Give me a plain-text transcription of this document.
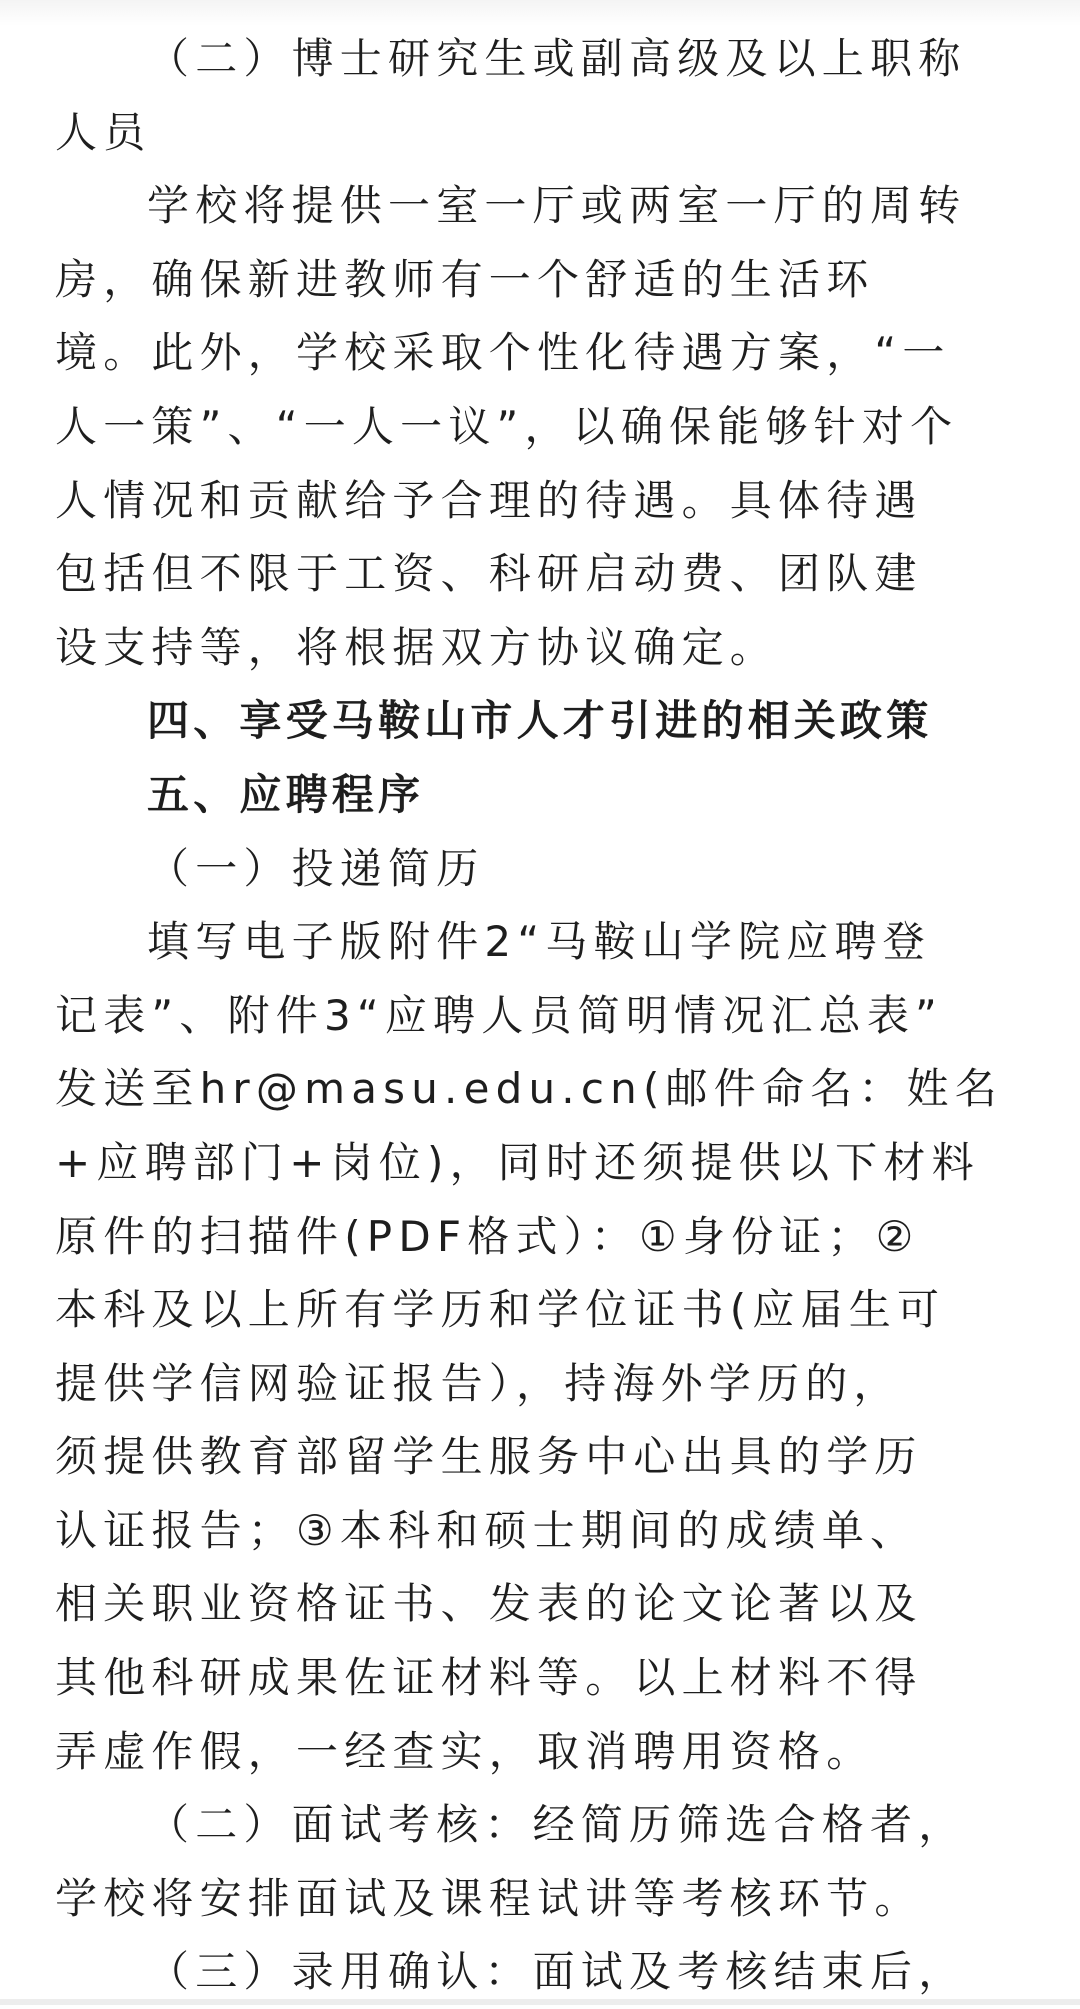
（二）博士研究生或副高级及以上职称
人员

学校将提供一室一厅或两室一厅的周转
房，确保新进教师有一个舒适的生活环
境。此外，学校采取个性化待遇方案，“一
人一策”、“一人一议”，以确保能够针对个
人情况和贡献给予合理的待遇。具体待遇
包括但不限于工资、科研启动费、团队建
设支持等，将根据双方协议确定。

四、享受马鞍山市人才引进的相关政策

五、应聘程序

（一）投递简历

填写电子版附件2“马鞍山学院应聘登
记表”、附件3“应聘人员简明情况汇总表”
发送至hr@masu.edu.cn(邮件命名：姓名
+应聘部门+岗位)，同时还须提供以下材料
原件的扫描件(PDF格式）：①身份证；②
本科及以上所有学历和学位证书(应届生可
提供学信网验证报告），持海外学历的，
须提供教育部留学生服务中心出具的学历
认证报告；③本科和硕士期间的成绩单、
相关职业资格证书、发表的论文论著以及
其他科研成果佐证材料等。以上材料不得
弄虚作假，一经查实，取消聘用资格。

（二）面试考核：经简历筛选合格者，
学校将安排面试及课程试讲等考核环节。

（三）录用确认：面试及考核结束后，
